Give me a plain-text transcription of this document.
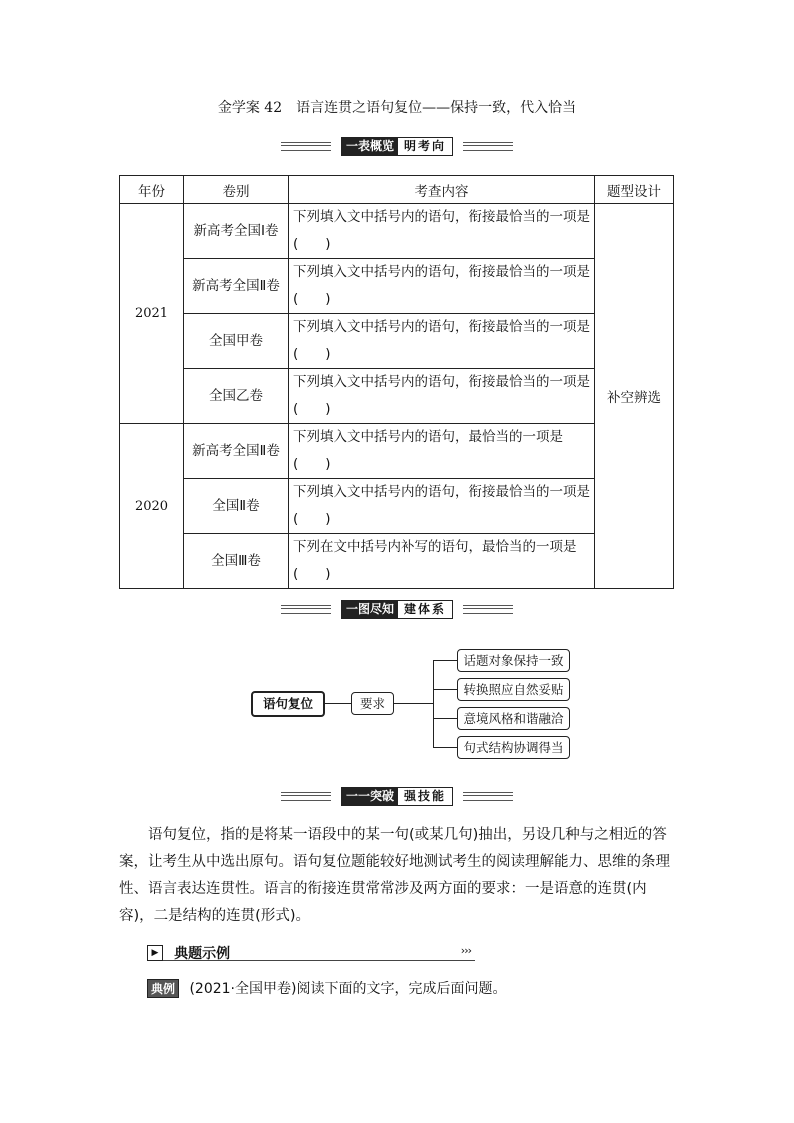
金学案 42　语言连贯之语句复位——保持一致，代入恰当
一表概览 明考向
年份	卷别	考查内容	题型设计
2021	新高考全国Ⅰ卷	下列填入文中括号内的语句，衔接最恰当的一项是(　　)	补空辨选
	新高考全国Ⅱ卷	下列填入文中括号内的语句，衔接最恰当的一项是(　　)	
	全国甲卷	下列填入文中括号内的语句，衔接最恰当的一项是(　　)	
	全国乙卷	下列填入文中括号内的语句，衔接最恰当的一项是(　　)	
2020	新高考全国Ⅱ卷	下列填入文中括号内的语句，最恰当的一项是(　　)	
	全国Ⅱ卷	下列填入文中括号内的语句，衔接最恰当的一项是(　　)	
	全国Ⅲ卷	下列在文中括号内补写的语句，最恰当的一项是(　　)	
一图尽知 建体系
语句复位	要求
话题对象保持一致
转换照应自然妥贴
意境风格和谐融洽
句式结构协调得当
一一突破 强技能

语句复位，指的是将某一语段中的某一句(或某几句)抽出，另设几种与之相近的答案，让考生从中选出原句。语句复位题能较好地测试考生的阅读理解能力、思维的条理性、语言表达连贯性。语言的衔接连贯常常涉及两方面的要求：一是语意的连贯(内容)，二是结构的连贯(形式)。

▶ 典题示例	›››
典例 (2021·全国甲卷)阅读下面的文字，完成后面问题。
